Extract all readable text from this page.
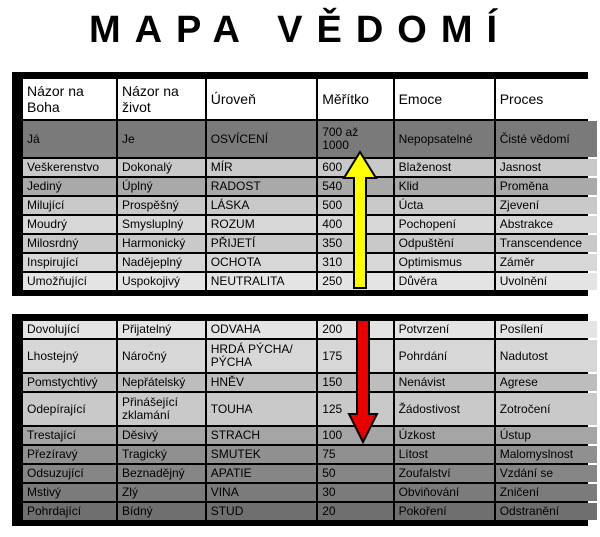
MAPA VĚDOMÍ
Názor na Boha	Názor na život	Úroveň	Měřítko	Emoce	Proces
Já	Je	OSVÍCENÍ	700 až 1000	Nepopsatelné	Čisté vědomí
Veškerenstvo	Dokonalý	MÍR	600	Blaženost	Jasnost
Jediný	Úplný	RADOST	540	Klid	Proměna
Milující	Prospěšný	LÁSKA	500	Úcta	Zjevení
Moudrý	Smysluplný	ROZUM	400	Pochopení	Abstrakce
Milosrdný	Harmonický	PŘIJETÍ	350	Odpuštění	Transcendence
Inspirující	Nadějeplný	OCHOTA	310	Optimismus	Záměr
Umožňující	Uspokojivý	NEUTRALITA	250	Důvěra	Uvolnění
Dovolující	Přijatelný	ODVAHA	200	Potvrzení	Posílení
Lhostejný	Náročný	HRDÁ PÝCHA/ PÝCHA	175	Pohrdání	Nadutost
Pomstychtivý	Nepřátelský	HNĚV	150	Nenávist	Agrese
Odepírající	Přinášející zklamání	TOUHA	125	Žádostivost	Zotročení
Trestající	Děsivý	STRACH	100	Úzkost	Ústup
Přezíravý	Tragický	SMUTEK	75	Lítost	Malomyslnost
Odsuzující	Beznadějný	APATIE	50	Zoufalství	Vzdání se
Mstivý	Zlý	VINA	30	Obviňování	Zničení
Pohrdající	Bídný	STUD	20	Pokoření	Odstranění
